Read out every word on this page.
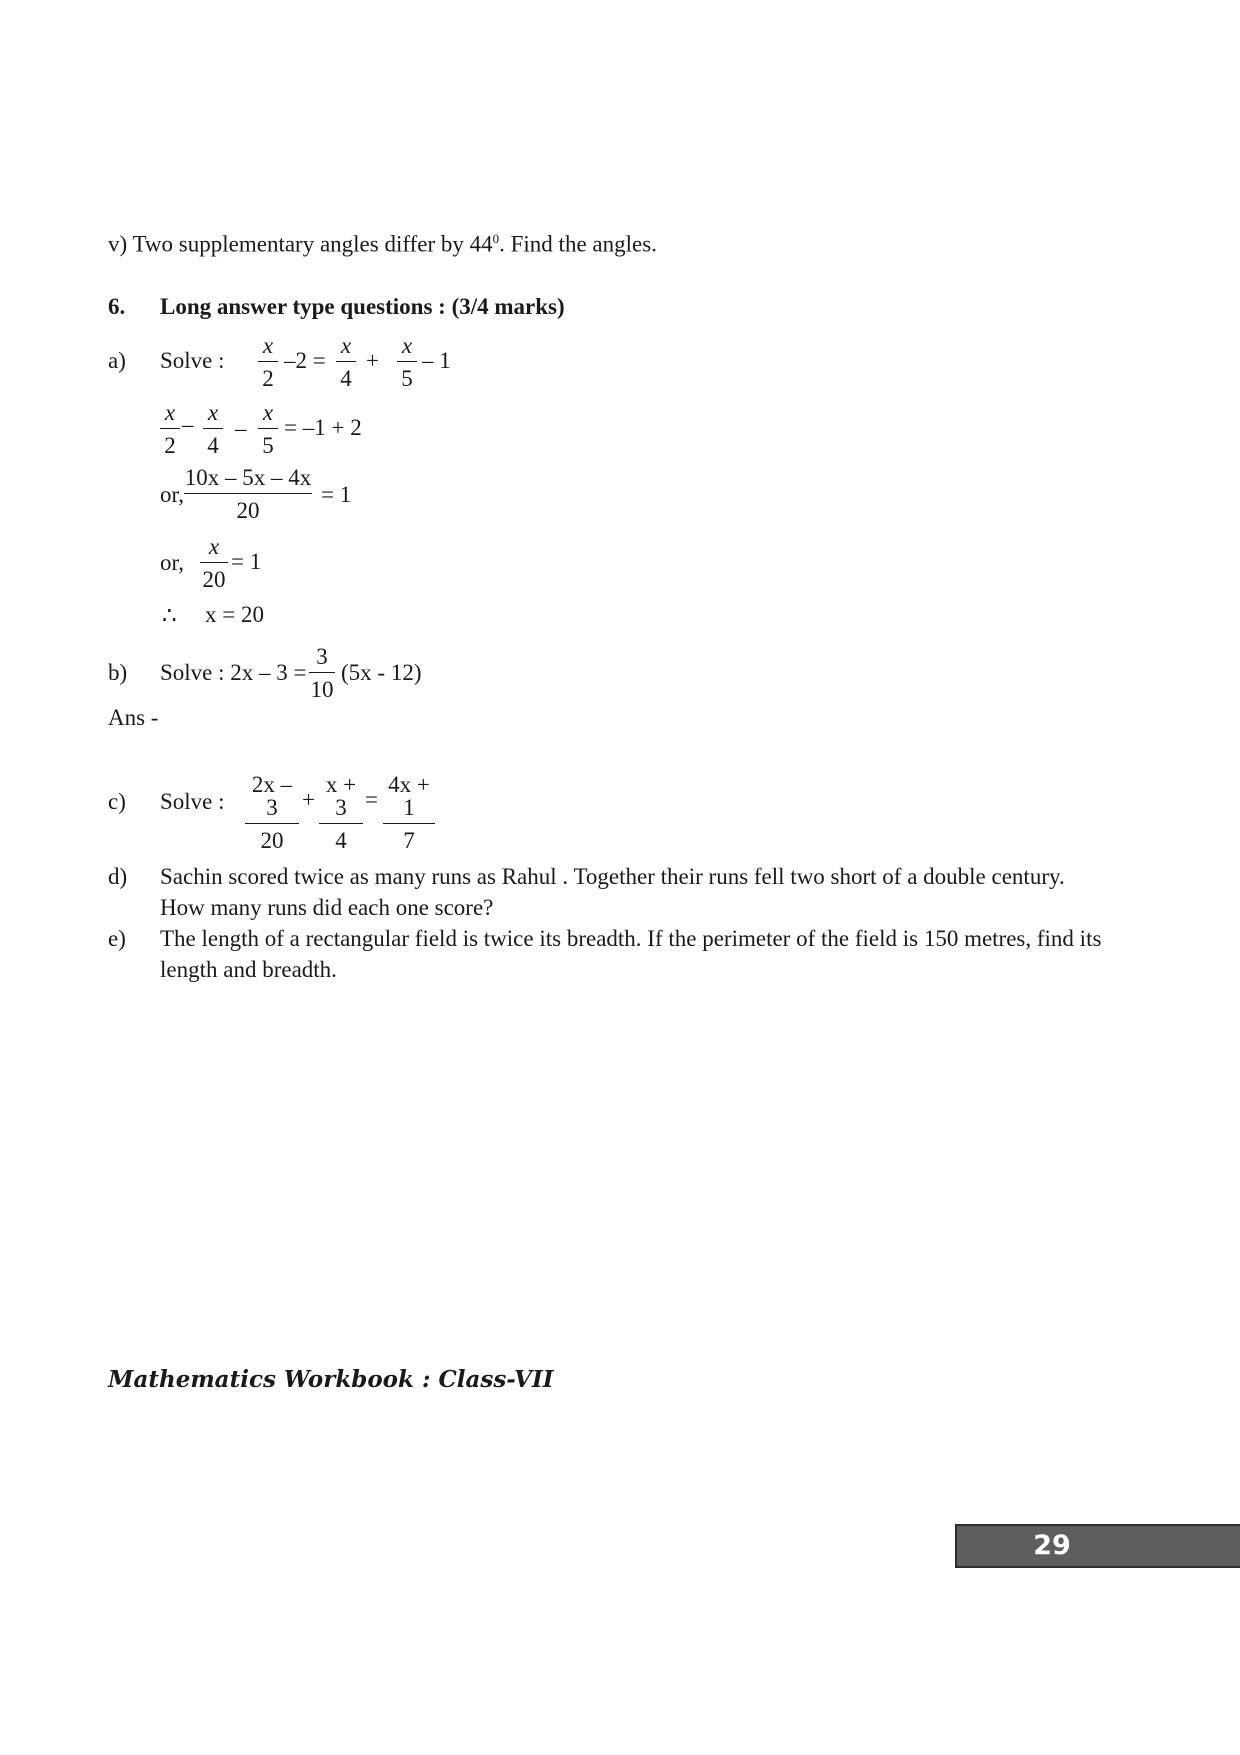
v) Two supplementary angles differ by $44^0$. Find the angles.
6. Long answer type questions : (3/4 marks)
a) Solve : $\frac{x}{2} -2 = \frac{x}{4} + \frac{x}{5} - 1$
$\frac{x}{2} - \frac{x}{4} - \frac{x}{5} = -1 + 2$
or, $\frac{10x - 5x - 4x}{20} = 1$
or, $\frac{x}{20} = 1$
∴ x = 20
b) Solve : $2x - 3 = \frac{3}{10} (5x - 12)$
Ans -
c) Solve : $\frac{2x - 3}{20} + \frac{x + 3}{4} = \frac{4x + 1}{7}$
d) Sachin scored twice as many runs as Rahul . Together their runs fell two short of a double century.
How many runs did each one score?
e) The length of a rectangular field is twice its breadth. If the perimeter of the field is 150 metres, find its
length and breadth.
Mathematics Workbook : Class-VII
29
